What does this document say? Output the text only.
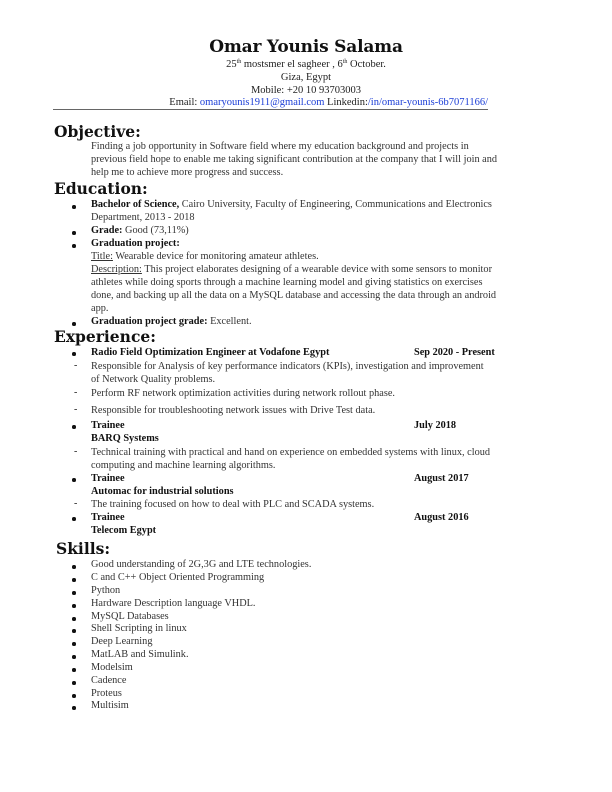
Omar Younis Salama
25th mostsmer el sagheer , 6th October.
Giza, Egypt
Mobile: +20 10 93703003
Email: omaryounis1911@gmail.com Linkedin:/in/omar-younis-6b7071166/
Objective:
Finding a job opportunity in Software field where my education background and projects in
previous field hope to enable me taking significant contribution at the company that I will join and
help me to achieve more progress and success.
Education:
Bachelor of Science, Cairo University, Faculty of Engineering, Communications and Electronics
Department, 2013 - 2018
Grade: Good (73,11%)
Graduation project:
Title: Wearable device for monitoring amateur athletes.
Description: This project elaborates designing of a wearable device with some sensors to monitor
athletes while doing sports through a machine learning model and giving statistics on exercises
done, and backing up all the data on a MySQL database and accessing the data through an android
app.
Graduation project grade: Excellent.
Experience:
Radio Field Optimization Engineer at Vodafone Egypt	Sep 2020 - Present
- Responsible for Analysis of key performance indicators (KPIs), investigation and improvement
of Network Quality problems.
- Perform RF network optimization activities during network rollout phase.
- Responsible for troubleshooting network issues with Drive Test data.
Trainee	July 2018
BARQ Systems
- Technical training with practical and hand on experience on embedded systems with linux, cloud
computing and machine learning algorithms.
Trainee	August 2017
Automac for industrial solutions
- The training focused on how to deal with PLC and SCADA systems.
Trainee	August 2016
Telecom Egypt
Skills:
Good understanding of 2G,3G and LTE technologies.
C and C++ Object Oriented Programming
Python
Hardware Description language VHDL.
MySQL Databases
Shell Scripting in linux
Deep Learning
MatLAB and Simulink.
Modelsim
Cadence
Proteus
Multisim
